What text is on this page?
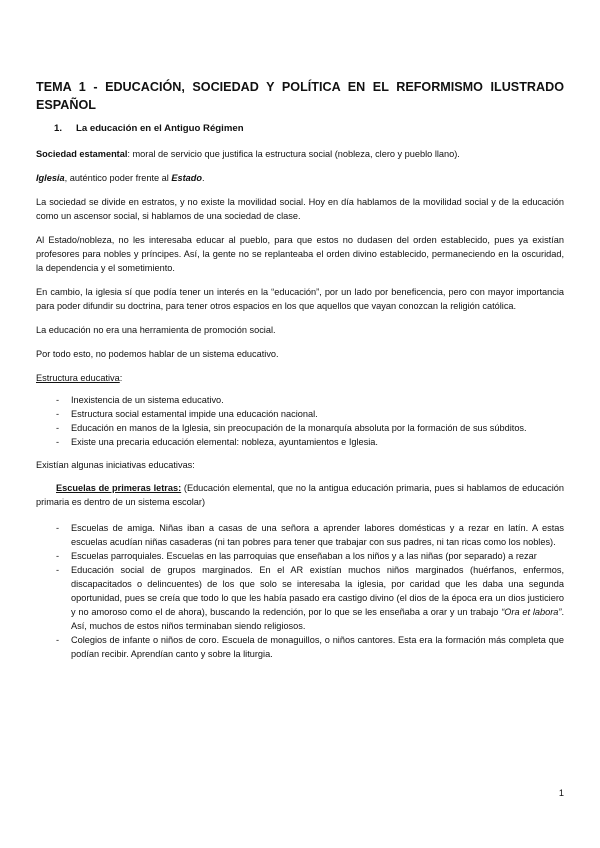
TEMA 1 - EDUCACIÓN, SOCIEDAD Y POLÍTICA EN EL REFORMISMO ILUSTRADO ESPAÑOL
1. La educación en el Antiguo Régimen

Sociedad estamental: moral de servicio que justifica la estructura social (nobleza, clero y pueblo llano).

Iglesia, auténtico poder frente al Estado.

La sociedad se divide en estratos, y no existe la movilidad social. Hoy en día hablamos de la movilidad social y de la educación como un ascensor social, si hablamos de una sociedad de clase.

Al Estado/nobleza, no les interesaba educar al pueblo, para que estos no dudasen del orden establecido, pues ya existían profesores para nobles y príncipes. Así, la gente no se replanteaba el orden divino establecido, permaneciendo en la oscuridad, la dependencia y el sometimiento.

En cambio, la iglesia sí que podía tener un interés en la “educación”, por un lado por beneficencia, pero con mayor importancia para poder difundir su doctrina, para tener otros espacios en los que aquellos que vayan conozcan la religión católica.

La educación no era una herramienta de promoción social.

Por todo esto, no podemos hablar de un sistema educativo.

Estructura educativa:

- Inexistencia de un sistema educativo.
- Estructura social estamental impide una educación nacional.
- Educación en manos de la Iglesia, sin preocupación de la monarquía absoluta por la formación de sus súbditos.
- Existe una precaria educación elemental: nobleza, ayuntamientos e Iglesia.

Existían algunas iniciativas educativas:

Escuelas de primeras letras: (Educación elemental, que no la antigua educación primaria, pues si hablamos de educación primaria es dentro de un sistema escolar)

- Escuelas de amiga. Niñas iban a casas de una señora a aprender labores domésticas y a rezar en latín. A estas escuelas acudían niñas casaderas (ni tan pobres para tener que trabajar con sus padres, ni tan ricas como los nobles).
- Escuelas parroquiales. Escuelas en las parroquias que enseñaban a los niños y a las niñas (por separado) a rezar
- Educación social de grupos marginados. En el AR existían muchos niños marginados (huérfanos, enfermos, discapacitados o delincuentes) de los que solo se interesaba la iglesia, por caridad que les daba una segunda oportunidad, pues se creía que todo lo que les había pasado era castigo divino (el dios de la época era un dios justiciero y no amoroso como el de ahora), buscando la redención, por lo que se les enseñaba a orar y un trabajo “Ora et labora”. Así, muchos de estos niños terminaban siendo religiosos.
- Colegios de infante o niños de coro. Escuela de monaguillos, o niños cantores. Esta era la formación más completa que podían recibir. Aprendían canto y sobre la liturgia.
1
